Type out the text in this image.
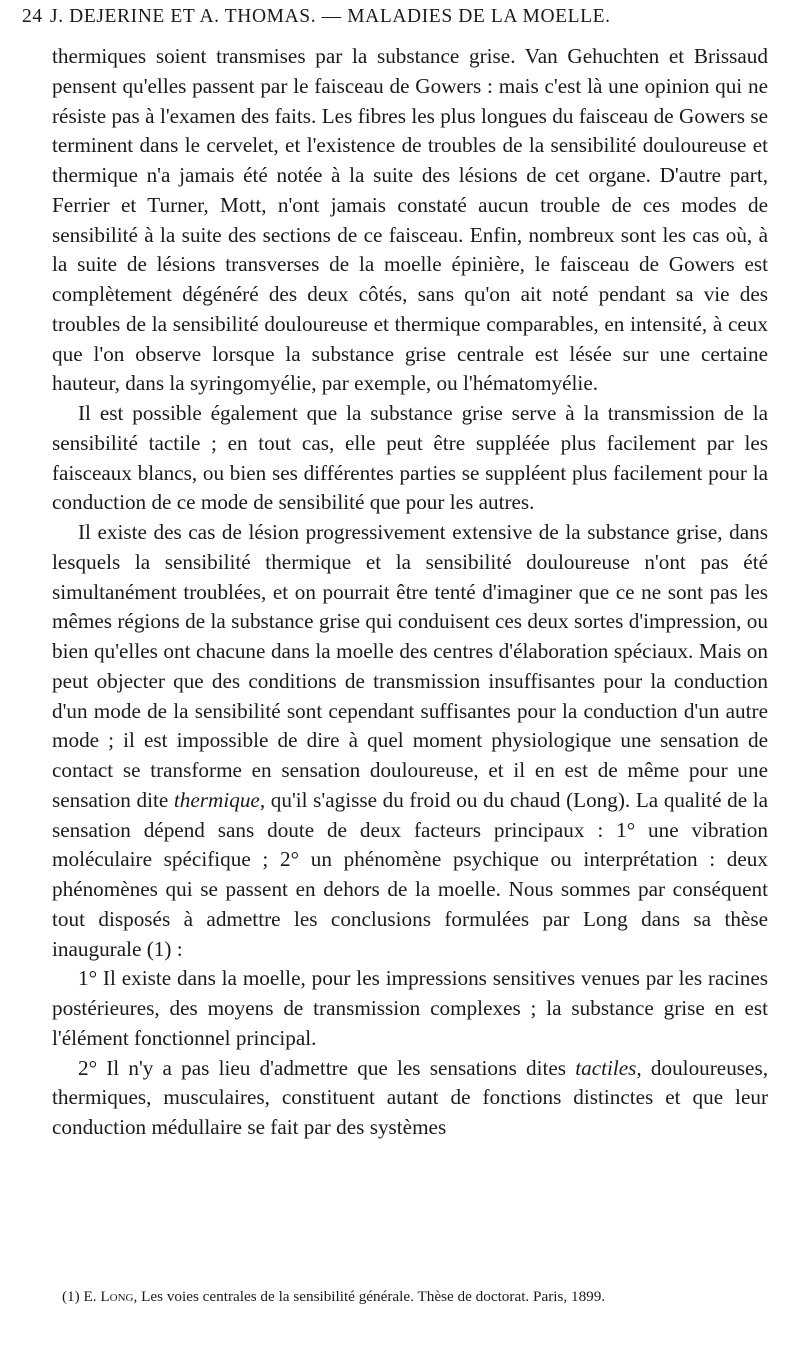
24 J. DEJERINE ET A. THOMAS. — MALADIES DE LA MOELLE.

thermiques soient transmises par la substance grise. Van Gehuchten et Brissaud pensent qu'elles passent par le faisceau de Gowers : mais c'est là une opinion qui ne résiste pas à l'examen des faits. Les fibres les plus longues du faisceau de Gowers se terminent dans le cervelet, et l'existence de troubles de la sensibilité douloureuse et thermique n'a jamais été notée à la suite des lésions de cet organe. D'autre part, Ferrier et Turner, Mott, n'ont jamais constaté aucun trouble de ces modes de sensibilité à la suite des sections de ce faisceau. Enfin, nombreux sont les cas où, à la suite de lésions transverses de la moelle épinière, le faisceau de Gowers est complètement dégénéré des deux côtés, sans qu'on ait noté pendant sa vie des troubles de la sensibilité douloureuse et thermique comparables, en intensité, à ceux que l'on observe lorsque la substance grise centrale est lésée sur une certaine hauteur, dans la syringomyélie, par exemple, ou l'hématomyélie.

Il est possible également que la substance grise serve à la transmission de la sensibilité tactile ; en tout cas, elle peut être suppléée plus facilement par les faisceaux blancs, ou bien ses différentes parties se suppléent plus facilement pour la conduction de ce mode de sensibilité que pour les autres.

Il existe des cas de lésion progressivement extensive de la substance grise, dans lesquels la sensibilité thermique et la sensibilité douloureuse n'ont pas été simultanément troublées, et on pourrait être tenté d'imaginer que ce ne sont pas les mêmes régions de la substance grise qui conduisent ces deux sortes d'impression, ou bien qu'elles ont chacune dans la moelle des centres d'élaboration spéciaux. Mais on peut objecter que des conditions de transmission insuffisantes pour la conduction d'un mode de la sensibilité sont cependant suffisantes pour la conduction d'un autre mode ; il est impossible de dire à quel moment physiologique une sensation de contact se transforme en sensation douloureuse, et il en est de même pour une sensation dite thermique, qu'il s'agisse du froid ou du chaud (Long). La qualité de la sensation dépend sans doute de deux facteurs principaux : 1° une vibration moléculaire spécifique ; 2° un phénomène psychique ou interprétation : deux phénomènes qui se passent en dehors de la moelle. Nous sommes par conséquent tout disposés à admettre les conclusions formulées par Long dans sa thèse inaugurale (1) :

1° Il existe dans la moelle, pour les impressions sensitives venues par les racines postérieures, des moyens de transmission complexes ; la substance grise en est l'élément fonctionnel principal.

2° Il n'y a pas lieu d'admettre que les sensations dites tactiles, douloureuses, thermiques, musculaires, constituent autant de fonctions distinctes et que leur conduction médullaire se fait par des systèmes

(1) E. Long, Les voies centrales de la sensibilité générale. Thèse de doctorat. Paris, 1899.
